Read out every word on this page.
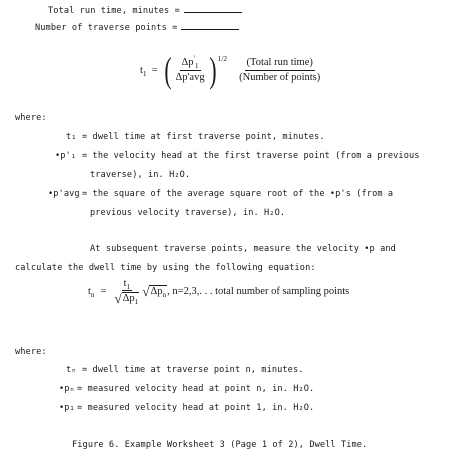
Total run time, minutes =
Number of traverse points =
$t_1$ = ( $\frac{\Delta p'_1}{\text{Δp'avg}}$ ) $1/2 \frac{\text{(Total run time)}}{\text{(Number of points)}}$
where:
t₁ = dwell time at first traverse point, minutes.
•p'₁ = the velocity head at the first traverse point (from a previous
traverse), in. H₂O.
•p'avg = the square of the average square root of the •p's (from a
previous velocity traverse), in. H₂O.
At subsequent traverse points, measure the velocity •p and
calculate the dwell time by using the following equation:
$t_n = \frac{t_1}{√ \Delta p_1}$ √ $\Delta p_n$ , n=2,3,. . . total number of sampling points
where:
tₙ = dwell time at traverse point n, minutes.
•pₙ = measured velocity head at point n, in. H₂O.
•p₁ = measured velocity head at point 1, in. H₂O.
Figure 6. Example Worksheet 3 (Page 1 of 2), Dwell Time.
